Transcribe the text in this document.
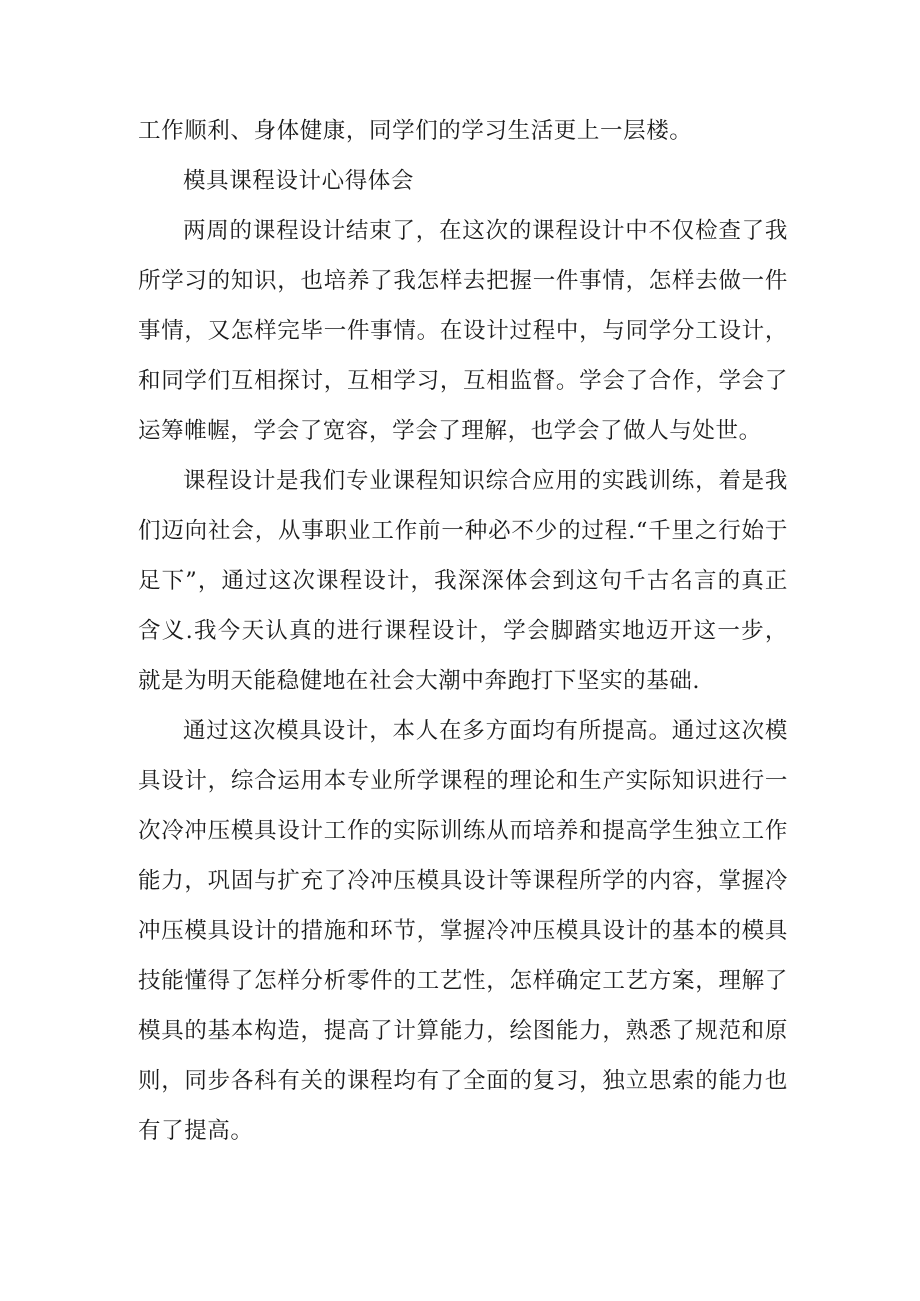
工作顺利、身体健康，同学们的学习生活更上一层楼。

模具课程设计心得体会

两周的课程设计结束了，在这次的课程设计中不仅检查了我所学习的知识，也培养了我怎样去把握一件事情，怎样去做一件事情，又怎样完毕一件事情。在设计过程中，与同学分工设计，和同学们互相探讨，互相学习，互相监督。学会了合作，学会了运筹帷幄，学会了宽容，学会了理解，也学会了做人与处世。

课程设计是我们专业课程知识综合应用的实践训练，着是我们迈向社会，从事职业工作前一种必不少的过程.“千里之行始于足下”，通过这次课程设计，我深深体会到这句千古名言的真正含义.我今天认真的进行课程设计，学会脚踏实地迈开这一步，就是为明天能稳健地在社会大潮中奔跑打下坚实的基础.

通过这次模具设计，本人在多方面均有所提高。通过这次模具设计，综合运用本专业所学课程的理论和生产实际知识进行一次冷冲压模具设计工作的实际训练从而培养和提高学生独立工作能力，巩固与扩充了冷冲压模具设计等课程所学的内容，掌握冷冲压模具设计的措施和环节，掌握冷冲压模具设计的基本的模具技能懂得了怎样分析零件的工艺性，怎样确定工艺方案，理解了模具的基本构造，提高了计算能力，绘图能力，熟悉了规范和原则，同步各科有关的课程均有了全面的复习，独立思索的能力也有了提高。
